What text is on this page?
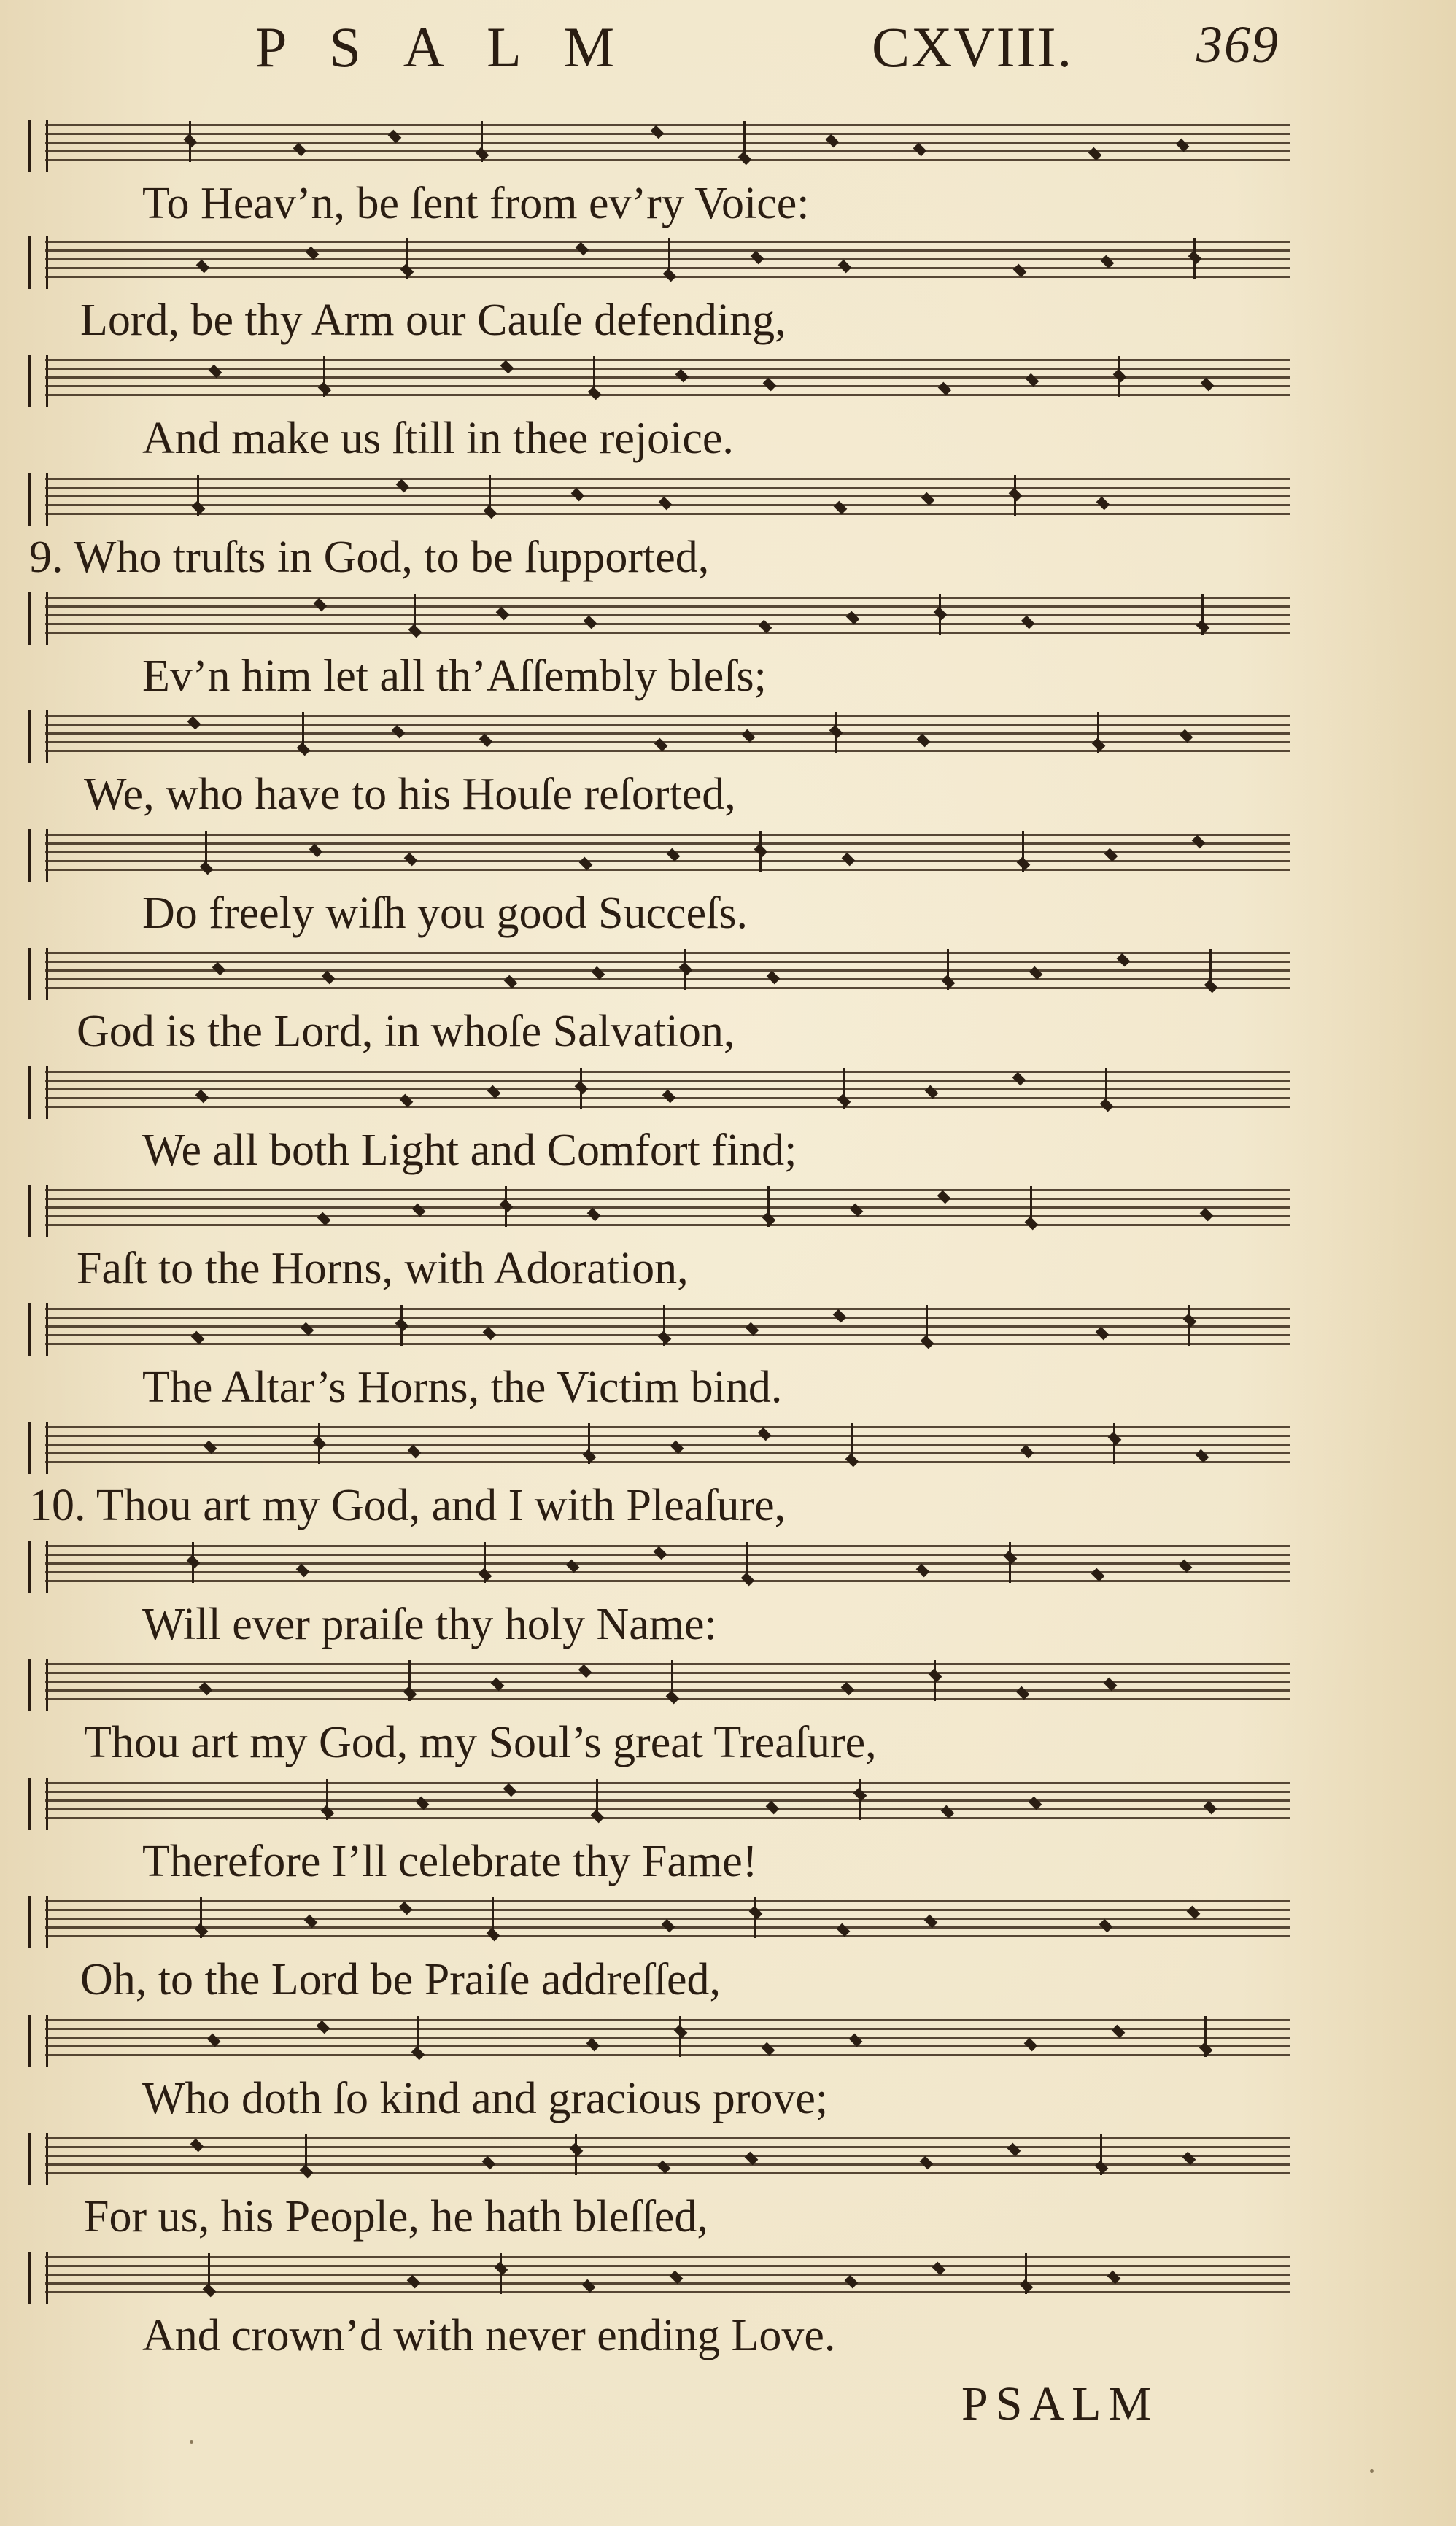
PSALM	CXVIII. 369
To Heav’n, be ſent from ev’ry Voice:
Lord, be thy Arm our Cauſe defending,
And make us ſtill in thee rejoice.
9. Who truſts in God, to be ſupported,
Ev’n him let all th’Aſſembly bleſs;
We, who have to his Houſe reſorted,
Do freely wiſh you good Succeſs.
God is the Lord, in whoſe Salvation,
We all both Light and Comfort find;
Faſt to the Horns, with Adoration,
The Altar’s Horns, the Victim bind.
10. Thou art my God, and I with Pleaſure,
Will ever praiſe thy holy Name:
Thou art my God, my Soul’s great Treaſure,
Therefore I’ll celebrate thy Fame!
Oh, to the Lord be Praiſe addreſſed,
Who doth ſo kind and gracious prove;
For us, his People, he hath bleſſed,
And crown’d with never ending Love.
PSALM
